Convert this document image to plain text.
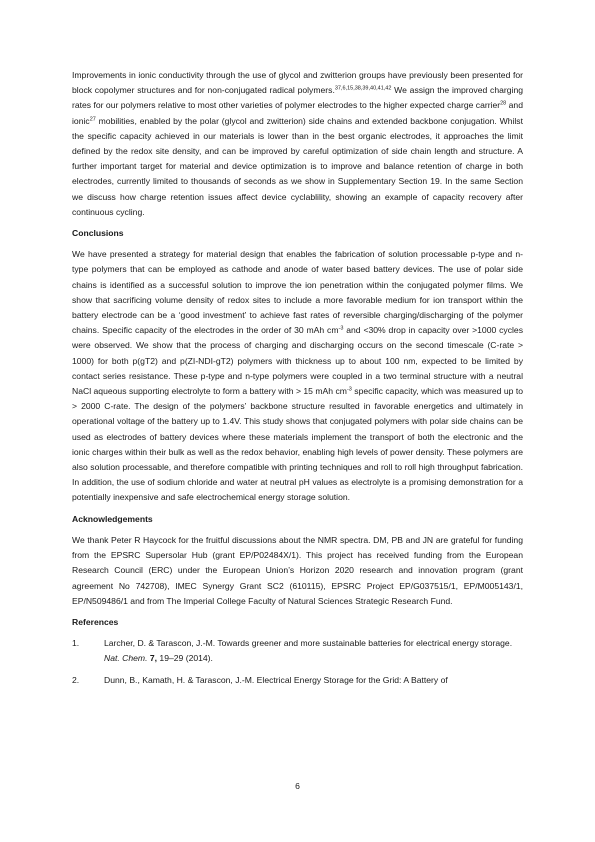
Improvements in ionic conductivity through the use of glycol and zwitterion groups have previously been presented for block copolymer structures and for non-conjugated radical polymers.$^{37,6,15,38,39,40,41,42}$ We assign the improved charging rates for our polymers relative to most other varieties of polymer electrodes to the higher expected charge carrier$^{28}$ and ionic$^{27}$ mobilities, enabled by the polar (glycol and zwitterion) side chains and extended backbone conjugation. Whilst the specific capacity achieved in our materials is lower than in the best organic electrodes, it approaches the limit defined by the redox site density, and can be improved by careful optimization of side chain length and structure. A further important target for material and device optimization is to improve and balance retention of charge in both electrodes, currently limited to thousands of seconds as we show in Supplementary Section 19. In the same Section we discuss how charge retention issues affect device cyclablility, showing an example of capacity recovery after continuous cycling.

Conclusions

We have presented a strategy for material design that enables the fabrication of solution processable p-type and n-type polymers that can be employed as cathode and anode of water based battery devices. The use of polar side chains is identified as a successful solution to improve the ion penetration within the conjugated polymer films. We show that sacrificing volume density of redox sites to include a more favorable medium for ion transport within the battery electrode can be a ‘good investment’ to achieve fast rates of reversible charging/discharging of the polymer chains. Specific capacity of the electrodes in the order of 30 mAh $cm^{-3}$ and <30% drop in capacity over >1000 cycles were observed. We show that the process of charging and discharging occurs on the second timescale (C-rate > 1000) for both p(gT2) and p(ZI-NDI-gT2) polymers with thickness up to about 100 nm, expected to be limited by contact series resistance. These p-type and n-type polymers were coupled in a two terminal structure with a neutral NaCl aqueous supporting electrolyte to form a battery with > 15 mAh $cm^{-3}$ specific capacity, which was measured up to > 2000 C-rate. The design of the polymers’ backbone structure resulted in favorable energetics and ultimately in operational voltage of the battery up to 1.4V. This study shows that conjugated polymers with polar side chains can be used as electrodes of battery devices where these materials implement the transport of both the electronic and the ionic charges within their bulk as well as the redox behavior, enabling high levels of power density. These polymers are also solution processable, and therefore compatible with printing techniques and roll to roll high throughput fabrication. In addition, the use of sodium chloride and water at neutral pH values as electrolyte is a promising demonstration for a potentially inexpensive and safe electrochemical energy storage solution.

Acknowledgements

We thank Peter R Haycock for the fruitful discussions about the NMR spectra. DM, PB and JN are grateful for funding from the EPSRC Supersolar Hub (grant EP/P02484X/1). This project has received funding from the European Research Council (ERC) under the European Union’s Horizon 2020 research and innovation program (grant agreement No 742708), IMEC Synergy Grant SC2 (610115), EPSRC Project EP/G037515/1, EP/M005143/1, EP/N509486/1 and from The Imperial College Faculty of Natural Sciences Strategic Research Fund.

References
1.	Larcher, D. & Tarascon, J.-M. Towards greener and more sustainable batteries for electrical energy storage. Nat. Chem. 7, 19–29 (2014).
2.	Dunn, B., Kamath, H. & Tarascon, J.-M. Electrical Energy Storage for the Grid: A Battery of
6
